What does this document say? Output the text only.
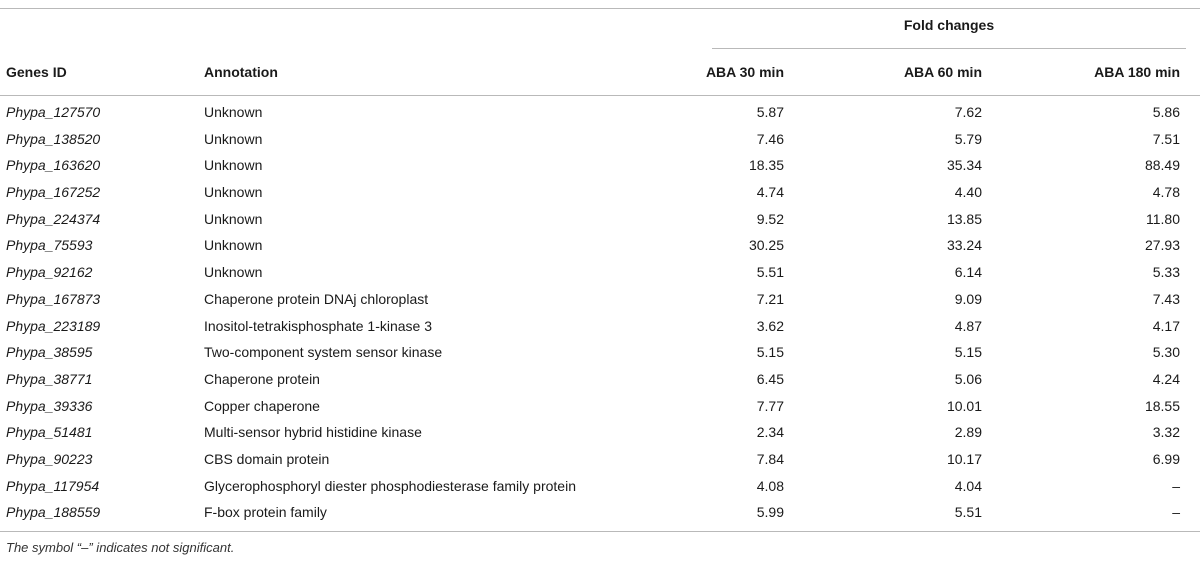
Fold changes
Genes ID	Annotation	ABA 30 min	ABA 60 min	ABA 180 min
Phypa_127570	Unknown	5.87	7.62	5.86
Phypa_138520	Unknown	7.46	5.79	7.51
Phypa_163620	Unknown	18.35	35.34	88.49
Phypa_167252	Unknown	4.74	4.40	4.78
Phypa_224374	Unknown	9.52	13.85	11.80
Phypa_75593	Unknown	30.25	33.24	27.93
Phypa_92162	Unknown	5.51	6.14	5.33
Phypa_167873	Chaperone protein DNAj chloroplast	7.21	9.09	7.43
Phypa_223189	Inositol-tetrakisphosphate 1-kinase 3	3.62	4.87	4.17
Phypa_38595	Two-component system sensor kinase	5.15	5.15	5.30
Phypa_38771	Chaperone protein	6.45	5.06	4.24
Phypa_39336	Copper chaperone	7.77	10.01	18.55
Phypa_51481	Multi-sensor hybrid histidine kinase	2.34	2.89	3.32
Phypa_90223	CBS domain protein	7.84	10.17	6.99
Phypa_117954	Glycerophosphoryl diester phosphodiesterase family protein	4.08	4.04	–
Phypa_188559	F-box protein family	5.99	5.51	–
The symbol “–” indicates not significant.
